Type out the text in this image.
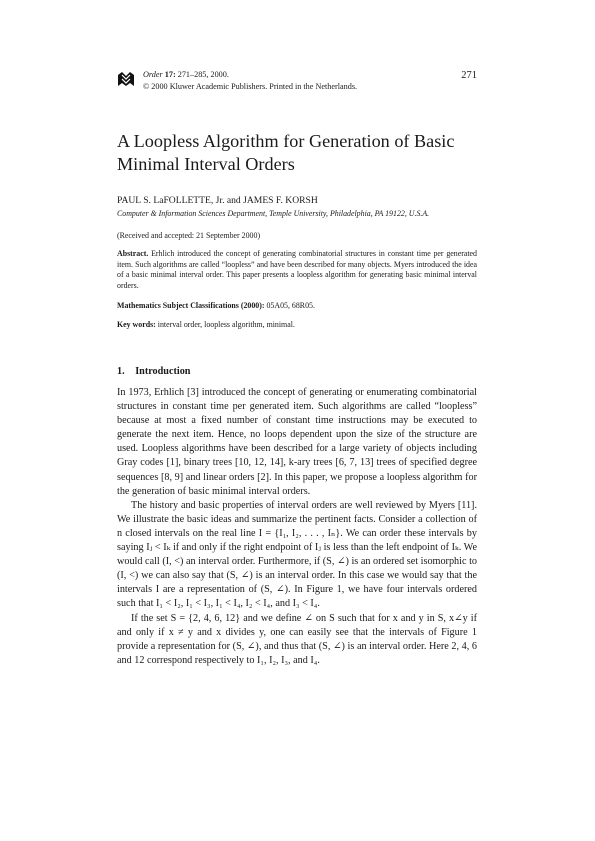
Order 17: 271–285, 2000.
© 2000 Kluwer Academic Publishers. Printed in the Netherlands.
271
A Loopless Algorithm for Generation of Basic Minimal Interval Orders
PAUL S. LaFOLLETTE, Jr. and JAMES F. KORSH
Computer & Information Sciences Department, Temple University, Philadelphia, PA 19122, U.S.A.
(Received and accepted: 21 September 2000)
Abstract. Erhlich introduced the concept of generating combinatorial structures in constant time per generated item. Such algorithms are called “loopless” and have been described for many objects. Myers introduced the idea of a basic minimal interval order. This paper presents a loopless algorithm for generating basic minimal interval orders.
Mathematics Subject Classifications (2000): 05A05, 68R05.
Key words: interval order, loopless algorithm, minimal.
1. Introduction

In 1973, Erhlich [3] introduced the concept of generating or enumerating combinatorial structures in constant time per generated item. Such algorithms are called “loopless” because at most a fixed number of constant time instructions may be executed to generate the next item. Hence, no loops dependent upon the size of the structure are used. Loopless algorithms have been described for a large variety of objects including Gray codes [1], binary trees [10, 12, 14], k-ary trees [6, 7, 13] trees of specified degree sequences [8, 9] and linear orders [2]. In this paper, we propose a loopless algorithm for the generation of basic minimal interval orders.

The history and basic properties of interval orders are well reviewed by Myers [11]. We illustrate the basic ideas and summarize the pertinent facts. Consider a collection of n closed intervals on the real line I = {I₁, I₂, . . . , Iₙ}. We can order these intervals by saying Iⱼ < Iₖ if and only if the right endpoint of Iⱼ is less than the left endpoint of Iₖ. We would call (I, <) an interval order. Furthermore, if (S, ∠) is an ordered set isomorphic to (I, <) we can also say that (S, ∠) is an interval order. In this case we would say that the intervals I are a representation of (S, ∠). In Figure 1, we have four intervals ordered such that I₁ < I₂, I₁ < I₃, I₁ < I₄, I₂ < I₄, and I₃ < I₄.

If the set S = {2, 4, 6, 12} and we define ∠ on S such that for x and y in S, x∠y if and only if x ≠ y and x divides y, one can easily see that the intervals of Figure 1 provide a representation for (S, ∠), and thus that (S, ∠) is an interval order. Here 2, 4, 6 and 12 correspond respectively to I₁, I₂, I₃, and I₄.
